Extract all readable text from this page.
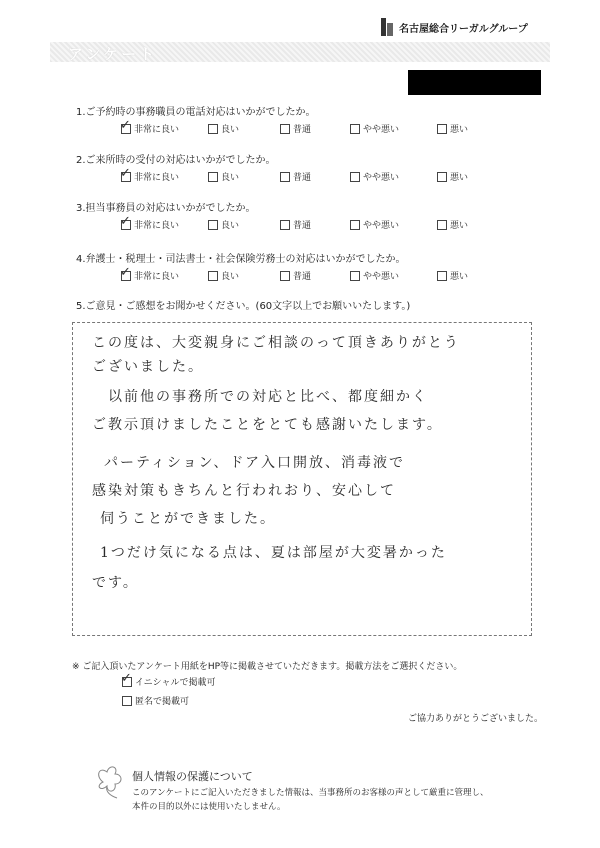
名古屋総合リーガルグループ
アンケート
1.ご予約時の事務職員の電話対応はいかがでしたか。
✓ 非常に良い	良い	普通	やや悪い	悪い
2.ご来所時の受付の対応はいかがでしたか。
✓ 非常に良い	良い	普通	やや悪い	悪い
3.担当事務員の対応はいかがでしたか。
✓ 非常に良い	良い	普通	やや悪い	悪い
4.弁護士・税理士・司法書士・社会保険労務士の対応はいかがでしたか。
✓ 非常に良い	良い	普通	やや悪い	悪い
5.ご意見・ご感想をお聞かせください。(60文字以上でお願いいたします。)
この度は、大変親身にご相談のって頂きありがとう
ございました。
以前他の事務所での対応と比べ、都度細かく
ご教示頂けましたことをとても感謝いたします。
パーティション、ドア入口開放、消毒液で
感染対策もきちんと行われおり、安心して
伺うことができました。
1つだけ気になる点は、夏は部屋が大変暑かった
です。
※ ご記入頂いたアンケート用紙をHP等に掲載させていただきます。掲載方法をご選択ください。
✓ イニシャルで掲載可
匿名で掲載可
ご協力ありがとうございました。
個人情報の保護について
このアンケートにご記入いただきました情報は、当事務所のお客様の声として厳重に管理し、
本件の目的以外には使用いたしません。
